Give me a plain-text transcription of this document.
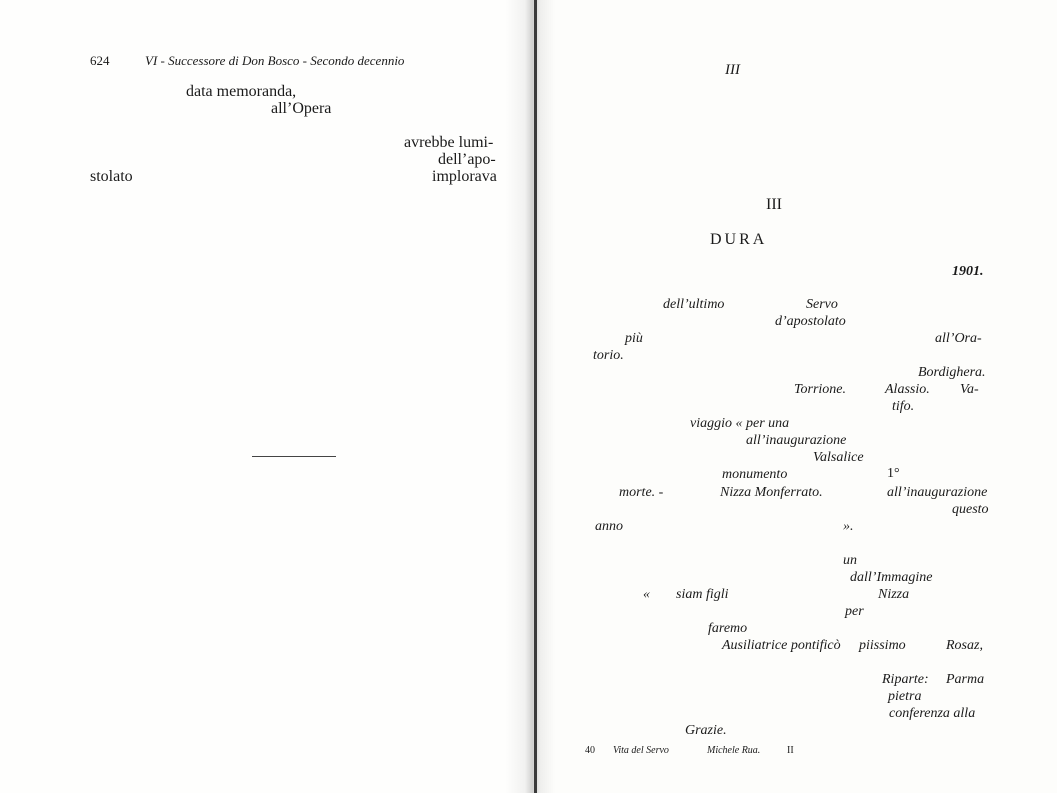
624	VI - Successore di Don Bosco - Secondo decennio
data memoranda,
all’Opera
avrebbe lumi-
dell’apo-
stolato	implorava
III
III
DURA
1901.
dell’ultimo	Servo
d’apostolato
più	all’Ora-
torio.
Bordighera.
Torrione.	Alassio. Va-
tifo.
viaggio « per una
all’inaugurazione
Valsalice
monumento	1°
morte. -	Nizza Monferrato.	all’inaugurazione
questo
anno	».
un
dall’Immagine
« siam figli	Nizza
per
faremo
Ausiliatrice pontificò piissimo	Rosaz,
Riparte: Parma
pietra
conferenza alla
Grazie.
40 Vita del Servo	Michele Rua.	II
